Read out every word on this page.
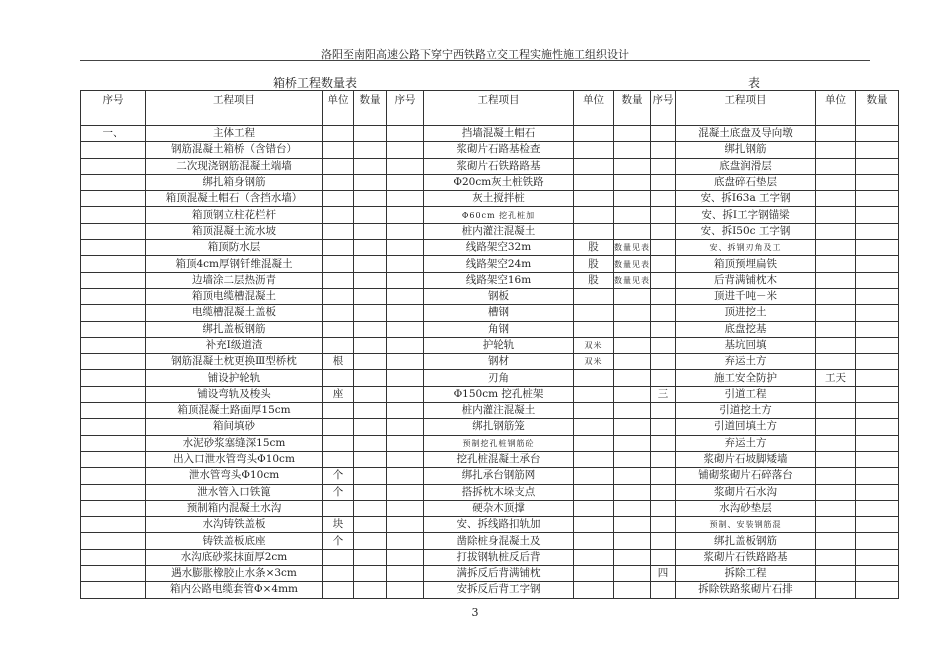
洛阳至南阳高速公路下穿宁西铁路立交工程实施性施工组织设计
箱桥工程数量表	表
序号	工程项目	单位	数量	序号	工程项目	单位	数量	序号	工程项目	单位	数量
一、	主体工程				挡墙混凝土帽石				混凝土底盘及导向墩		
	钢筋混凝土箱桥（含错台）				浆砌片石路基检查				绑扎钢筋		
	二次现浇钢筋混凝土端墙				浆砌片石铁路路基				底盘润滑层		
	绑扎箱身钢筋				Φ20cm灰土桩铁路				底盘碎石垫层		
	箱顶混凝土帽石（含挡水墙）				灰土搅拌桩				安、拆Ⅰ63a 工字钢		
	箱顶钢立柱花栏杆				Φ60cm 挖孔桩加				安、拆Ⅰ工字钢锚梁		
	箱顶混凝土流水坡				桩内灌注混凝土				安、拆Ⅰ50c 工字钢		
	箱顶防水层				线路架空32m	股	数量见表		安、拆钢刃角及工		
	箱顶4cm厚钢钎维混凝土				线路架空24m	股	数量见表		箱顶预埋扁铁		
	边墙涂二层热沥青				线路架空16m	股	数量见表		后背满铺枕木		
	箱顶电缆槽混凝土				钢板				顶进千吨－米		
	电缆槽混凝土盖板				槽钢				顶进挖土		
	绑扎盖板钢筋				角钢				底盘挖基		
	补充Ⅰ级道渣				护轮轨	双米			基坑回填		
	钢筋混凝土枕更换Ⅲ型桥枕	根			钢材	双米			弃运土方		
	铺设护轮轨				刃角				施工安全防护	工天	
	铺设弯轨及梭头	座			Φ150cm 挖孔桩架			三	引道工程		
	箱顶混凝土路面厚15cm				桩内灌注混凝土				引道挖土方		
	箱间填砂				绑扎钢筋笼				引道回填土方		
	水泥砂浆塞缝深15cm				预制挖孔桩钢筋砼				弃运土方		
	出入口泄水管弯头Φ10cm				挖孔桩混凝土承台				浆砌片石坡脚矮墙		
	泄水管弯头Φ10cm	个			绑扎承台钢筋网				铺砌浆砌片石碎落台		
	泄水管入口铁篦	个			搭拆枕木垛支点				浆砌片石水沟		
	预制箱内混凝土水沟				硬杂木顶撑				水沟砂垫层		
	水沟铸铁盖板	块			安、拆线路扣轨加				预制、安装钢筋混		
	铸铁盖板底座	个			凿除桩身混凝土及				绑扎盖板钢筋		
	水沟底砂浆抹面厚2cm				打拔钢轨桩反后背				浆砌片石铁路路基		
	遇水膨胀橡胶止水条×3cm				满拆反后背满铺枕			四	拆除工程		
	箱内公路电缆套管Φ×4mm				安拆反后背工字钢				拆除铁路浆砌片石排		
3
